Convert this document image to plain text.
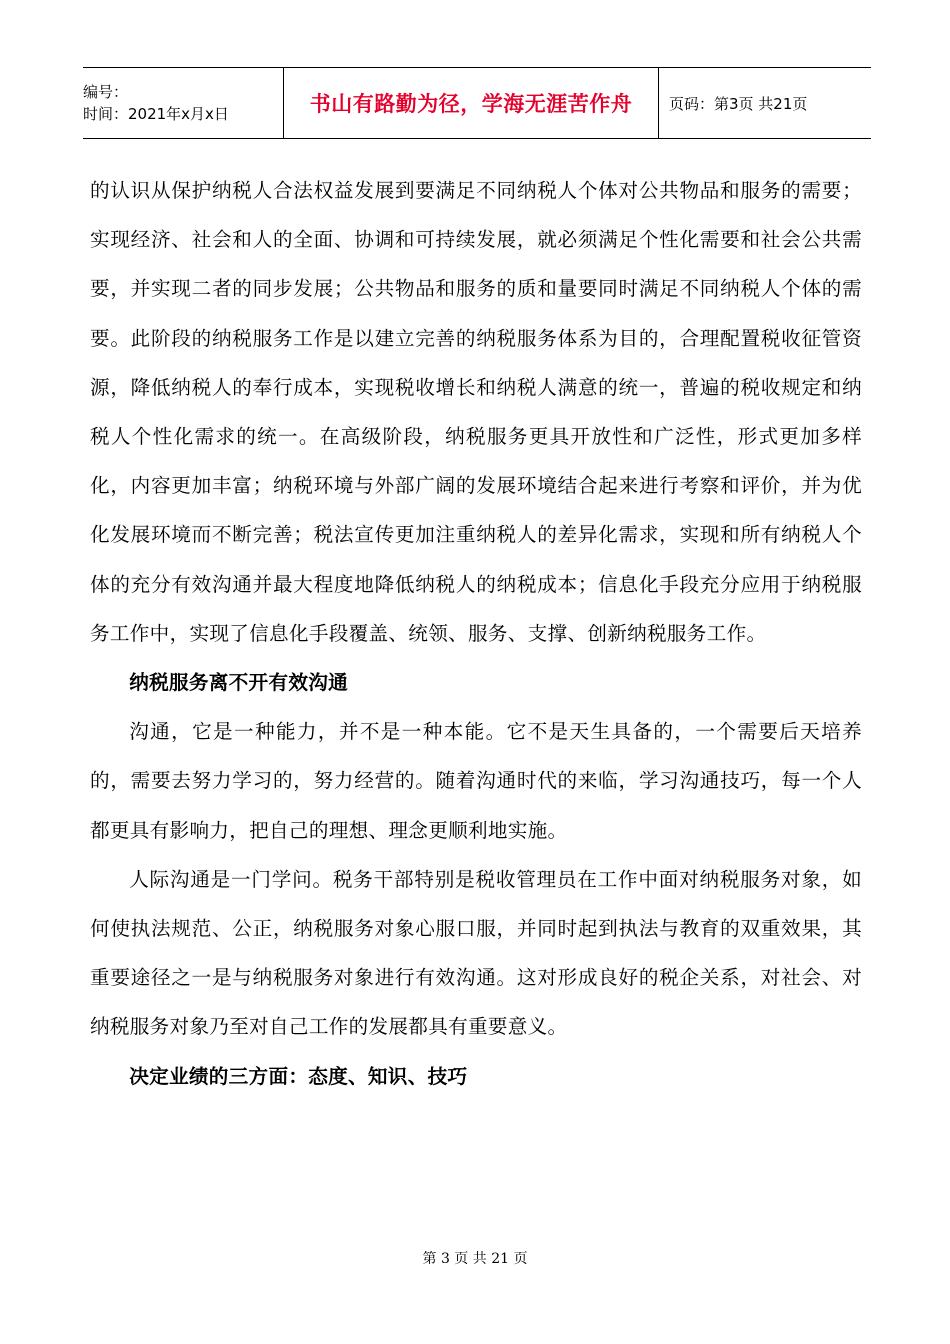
编号：
时间：2021年x月x日	书山有路勤为径，学海无涯苦作舟 页码：第3页 共21页

的认识从保护纳税人合法权益发展到要满足不同纳税人个体对公共物品和服务的需要；实现经济、社会和人的全面、协调和可持续发展，就必须满足个性化需要和社会公共需要，并实现二者的同步发展；公共物品和服务的质和量要同时满足不同纳税人个体的需要。此阶段的纳税服务工作是以建立完善的纳税服务体系为目的，合理配置税收征管资源，降低纳税人的奉行成本，实现税收增长和纳税人满意的统一，普遍的税收规定和纳税人个性化需求的统一。在高级阶段，纳税服务更具开放性和广泛性，形式更加多样化，内容更加丰富；纳税环境与外部广阔的发展环境结合起来进行考察和评价，并为优化发展环境而不断完善；税法宣传更加注重纳税人的差异化需求，实现和所有纳税人个体的充分有效沟通并最大程度地降低纳税人的纳税成本；信息化手段充分应用于纳税服务工作中，实现了信息化手段覆盖、统领、服务、支撑、创新纳税服务工作。

纳税服务离不开有效沟通

沟通，它是一种能力，并不是一种本能。它不是天生具备的，一个需要后天培养的，需要去努力学习的，努力经营的。随着沟通时代的来临，学习沟通技巧，每一个人都更具有影响力，把自己的理想、理念更顺利地实施。

人际沟通是一门学问。税务干部特别是税收管理员在工作中面对纳税服务对象，如何使执法规范、公正，纳税服务对象心服口服，并同时起到执法与教育的双重效果，其重要途径之一是与纳税服务对象进行有效沟通。这对形成良好的税企关系，对社会、对纳税服务对象乃至对自己工作的发展都具有重要意义。

决定业绩的三方面：态度、知识、技巧

第 3 页 共 21 页
